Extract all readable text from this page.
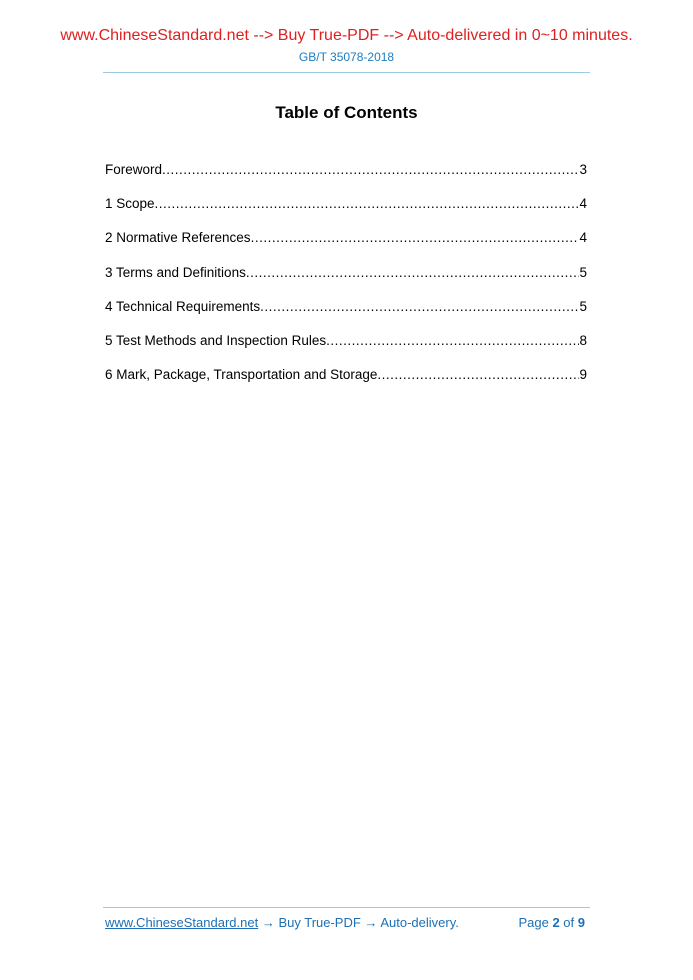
www.ChineseStandard.net --> Buy True-PDF --> Auto-delivered in 0~10 minutes.
GB/T 35078-2018
Table of Contents
Foreword .....	3
1 Scope .....	4
2 Normative References .....	4
3 Terms and Definitions .....	5
4 Technical Requirements .....	5
5 Test Methods and Inspection Rules .....	8
6 Mark, Package, Transportation and Storage .....	9
www.ChineseStandard.net → Buy True-PDF → Auto-delivery.	Page 2 of 9
